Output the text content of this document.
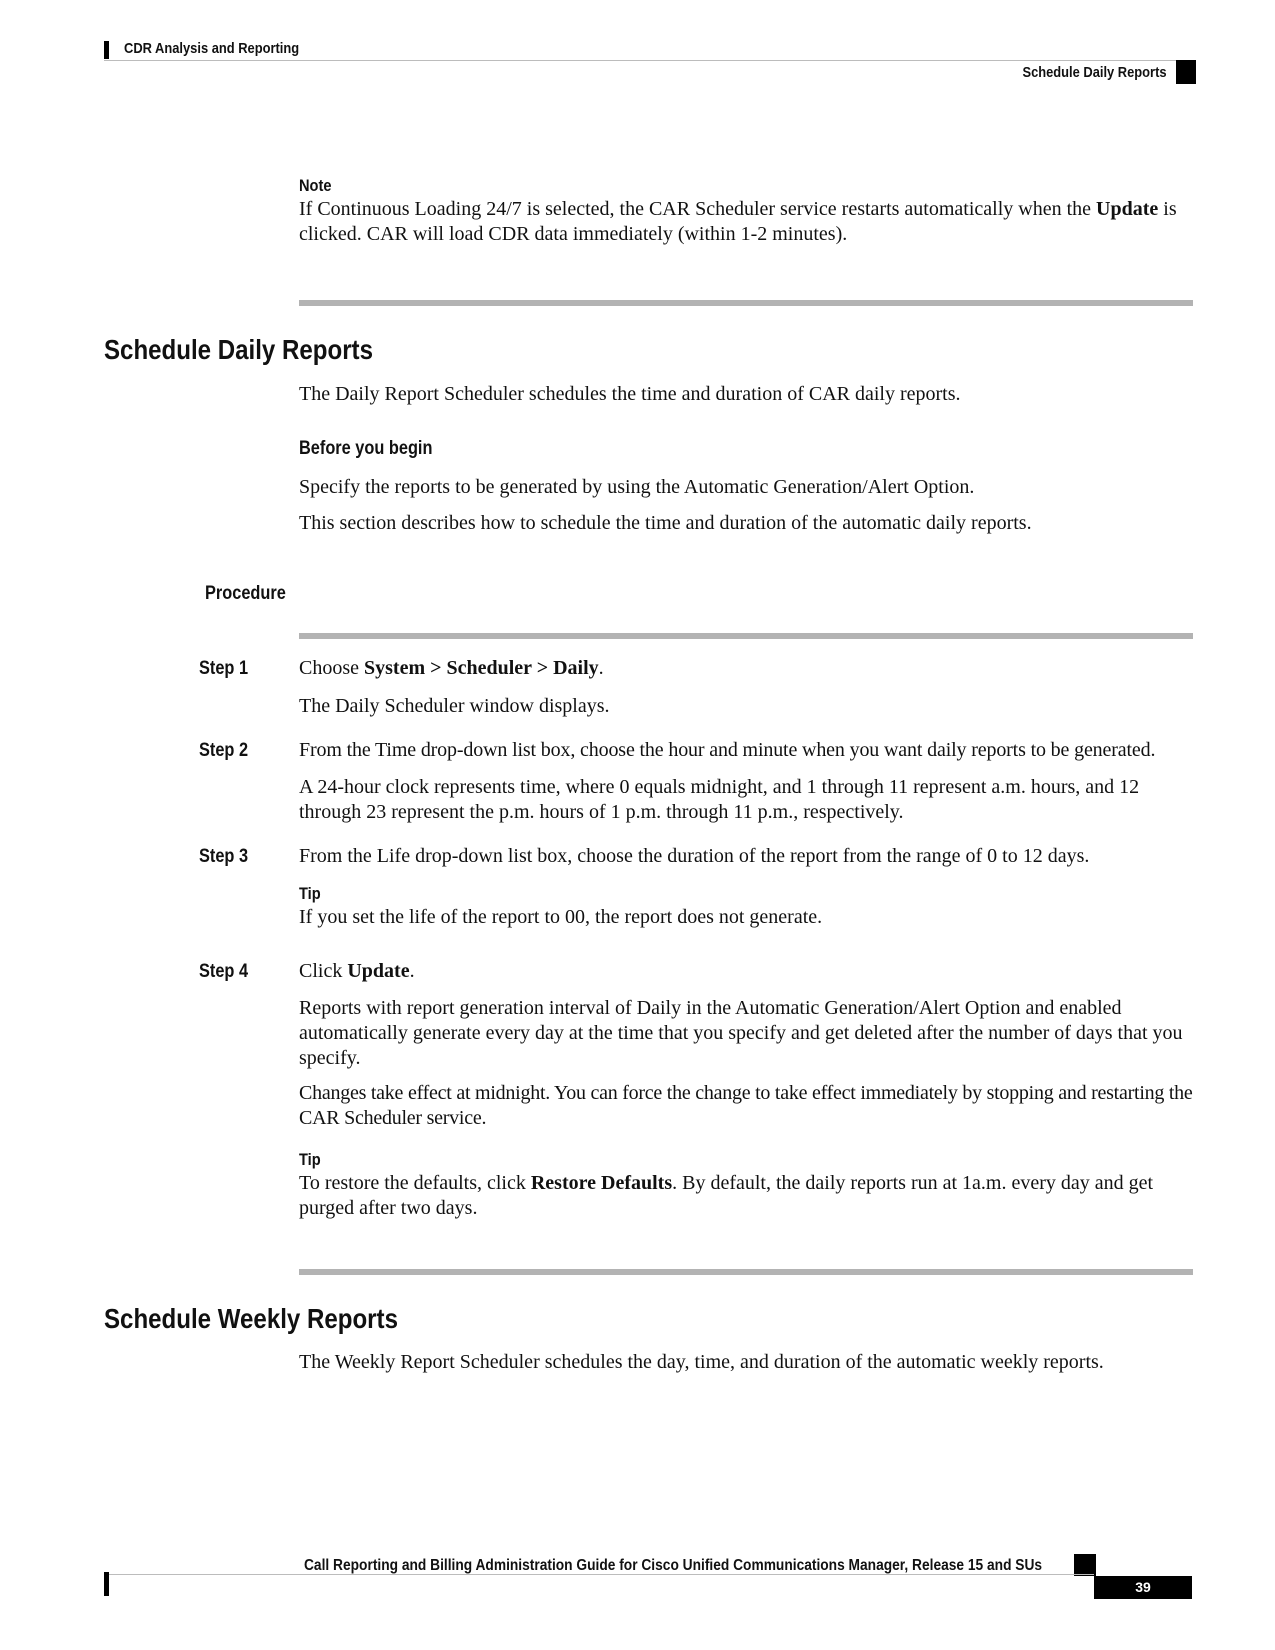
CDR Analysis and Reporting
Schedule Daily Reports
Note
If Continuous Loading 24/7 is selected, the CAR Scheduler service restarts automatically when the Update is clicked. CAR will load CDR data immediately (within 1-2 minutes).
Schedule Daily Reports
The Daily Report Scheduler schedules the time and duration of CAR daily reports.
Before you begin
Specify the reports to be generated by using the Automatic Generation/Alert Option.
This section describes how to schedule the time and duration of the automatic daily reports.
Procedure
Step 1	Choose System > Scheduler > Daily.
The Daily Scheduler window displays.
Step 2	From the Time drop-down list box, choose the hour and minute when you want daily reports to be generated.
A 24-hour clock represents time, where 0 equals midnight, and 1 through 11 represent a.m. hours, and 12 through 23 represent the p.m. hours of 1 p.m. through 11 p.m., respectively.
Step 3	From the Life drop-down list box, choose the duration of the report from the range of 0 to 12 days.
Tip
If you set the life of the report to 00, the report does not generate.
Step 4	Click Update.
Reports with report generation interval of Daily in the Automatic Generation/Alert Option and enabled automatically generate every day at the time that you specify and get deleted after the number of days that you specify.
Changes take effect at midnight. You can force the change to take effect immediately by stopping and restarting the CAR Scheduler service.
Tip
To restore the defaults, click Restore Defaults. By default, the daily reports run at 1a.m. every day and get purged after two days.
Schedule Weekly Reports
The Weekly Report Scheduler schedules the day, time, and duration of the automatic weekly reports.
Call Reporting and Billing Administration Guide for Cisco Unified Communications Manager, Release 15 and SUs
39
